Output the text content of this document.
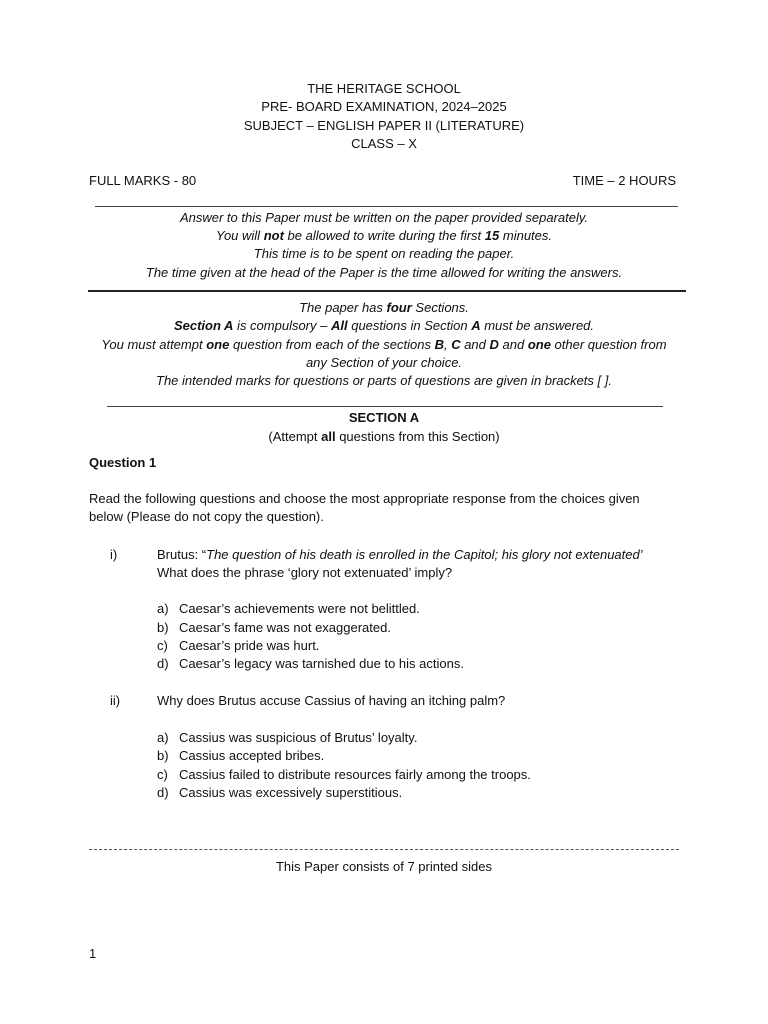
THE HERITAGE SCHOOL
PRE- BOARD EXAMINATION, 2024–2025
SUBJECT – ENGLISH PAPER II (LITERATURE)
CLASS – X
FULL MARKS - 80	TIME – 2 HOURS
Answer to this Paper must be written on the paper provided separately.
You will not be allowed to write during the first 15 minutes.
This time is to be spent on reading the paper.
The time given at the head of the Paper is the time allowed for writing the answers.
The paper has four Sections.
Section A is compulsory – All questions in Section A must be answered.
You must attempt one question from each of the sections B, C and D and one other question from
any Section of your choice.
The intended marks for questions or parts of questions are given in brackets [ ].
SECTION A
(Attempt all questions from this Section)
Question 1
Read the following questions and choose the most appropriate response from the choices given
below (Please do not copy the question).
i)	Brutus: “The question of his death is enrolled in the Capitol; his glory not extenuated’
What does the phrase ‘glory not extenuated’ imply?
a) Caesar’s achievements were not belittled.
b) Caesar’s fame was not exaggerated.
c) Caesar’s pride was hurt.
d) Caesar’s legacy was tarnished due to his actions.
ii)	Why does Brutus accuse Cassius of having an itching palm?
a) Cassius was suspicious of Brutus’ loyalty.
b) Cassius accepted bribes.
c) Cassius failed to distribute resources fairly among the troops.
d) Cassius was excessively superstitious.
This Paper consists of 7 printed sides
1
